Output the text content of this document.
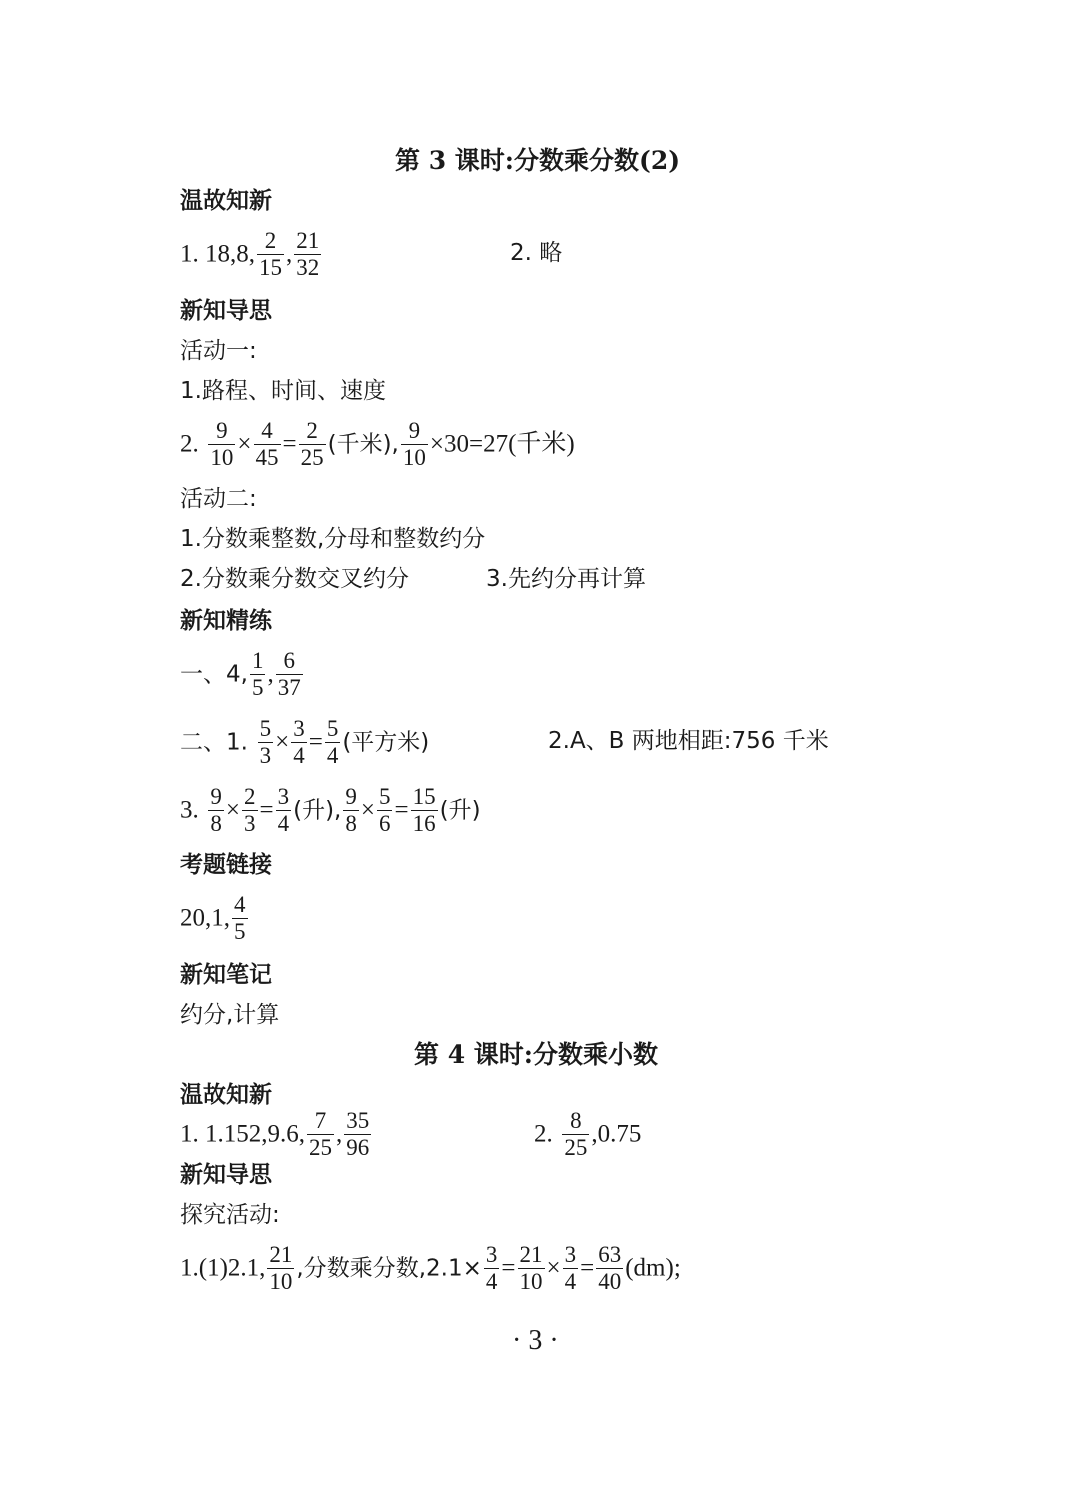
第 3 课时:分数乘分数(2)
温故知新
1. 18,8, $\frac{2}{15}$ , $\frac{21}{32}$	2. 略
新知导思
活动一:
1.路程、时间、速度
2. $\frac{9}{10} \times \frac{4}{45} = \frac{2}{25}$ (千米), $\frac{9}{10} \times 30=27$(千米)
活动二:
1.分数乘整数,分母和整数约分
2.分数乘分数交叉约分	3.先约分再计算
新知精练
一、4, $\frac{1}{5}$ , $\frac{6}{37}$
二、1. $\frac{5}{3} \times \frac{3}{4} = \frac{5}{4}$ (平方米)	2.A、B 两地相距:756 千米
3. $\frac{9}{8} \times \frac{2}{3} = \frac{3}{4}$ (升), $\frac{9}{8} \times \frac{5}{6} = \frac{15}{16}$ (升)
考题链接
20,1, $\frac{4}{5}$
新知笔记
约分,计算
第 4 课时:分数乘小数
温故知新
1. 1.152,9.6, $\frac{7}{25}$ , $\frac{35}{96}$	2. $\frac{8}{25} ,0.75$
新知导思
探究活动:
1.(1)2.1, $\frac{21}{10}$ ,分数乘分数$,2.1\times \frac{3}{4} = \frac{21}{10} \times \frac{3}{4} = \frac{63}{40} (dm)$;
· 3 ·
